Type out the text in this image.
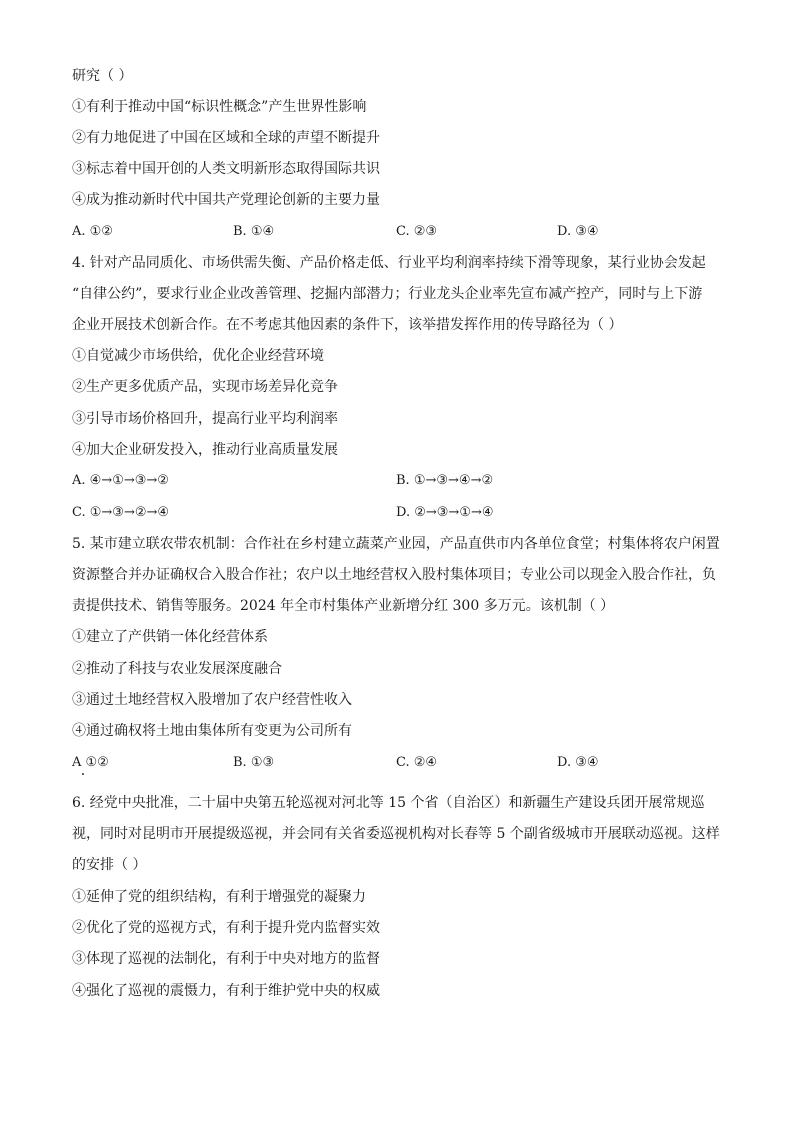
研究（ ）
①有利于推动中国“标识性概念”产生世界性影响
②有力地促进了中国在区域和全球的声望不断提升
③标志着中国开创的人类文明新形态取得国际共识
④成为推动新时代中国共产党理论创新的主要力量
A. ①②	B. ①④	C. ②③	D. ③④
4. 针对产品同质化、市场供需失衡、产品价格走低、行业平均利润率持续下滑等现象，某行业协会发起
“自律公约”，要求行业企业改善管理、挖掘内部潜力；行业龙头企业率先宣布减产控产，同时与上下游
企业开展技术创新合作。在不考虑其他因素的条件下，该举措发挥作用的传导路径为（ ）
①自觉减少市场供给，优化企业经营环境
②生产更多优质产品，实现市场差异化竞争
③引导市场价格回升，提高行业平均利润率
④加大企业研发投入，推动行业高质量发展
A. ④→①→③→②	B. ①→③→④→②
C. ①→③→②→④	D. ②→③→①→④
5. 某市建立联农带农机制：合作社在乡村建立蔬菜产业园，产品直供市内各单位食堂；村集体将农户闲置
资源整合并办证确权合入股合作社；农户以土地经营权入股村集体项目；专业公司以现金入股合作社，负
责提供技术、销售等服务。2024 年全市村集体产业新增分红 300 多万元。该机制（ ）
①建立了产供销一体化经营体系
②推动了科技与农业发展深度融合
③通过土地经营权入股增加了农户经营性收入
④通过确权将土地由集体所有变更为公司所有
A ①②	B. ①③	C. ②④	D. ③④
6. 经党中央批准，二十届中央第五轮巡视对河北等 15 个省（自治区）和新疆生产建设兵团开展常规巡
视，同时对昆明市开展提级巡视，并会同有关省委巡视机构对长春等 5 个副省级城市开展联动巡视。这样
的安排（ ）
①延伸了党的组织结构，有利于增强党的凝聚力
②优化了党的巡视方式，有利于提升党内监督实效
③体现了巡视的法制化，有利于中央对地方的监督
④强化了巡视的震慑力，有利于维护党中央的权威
